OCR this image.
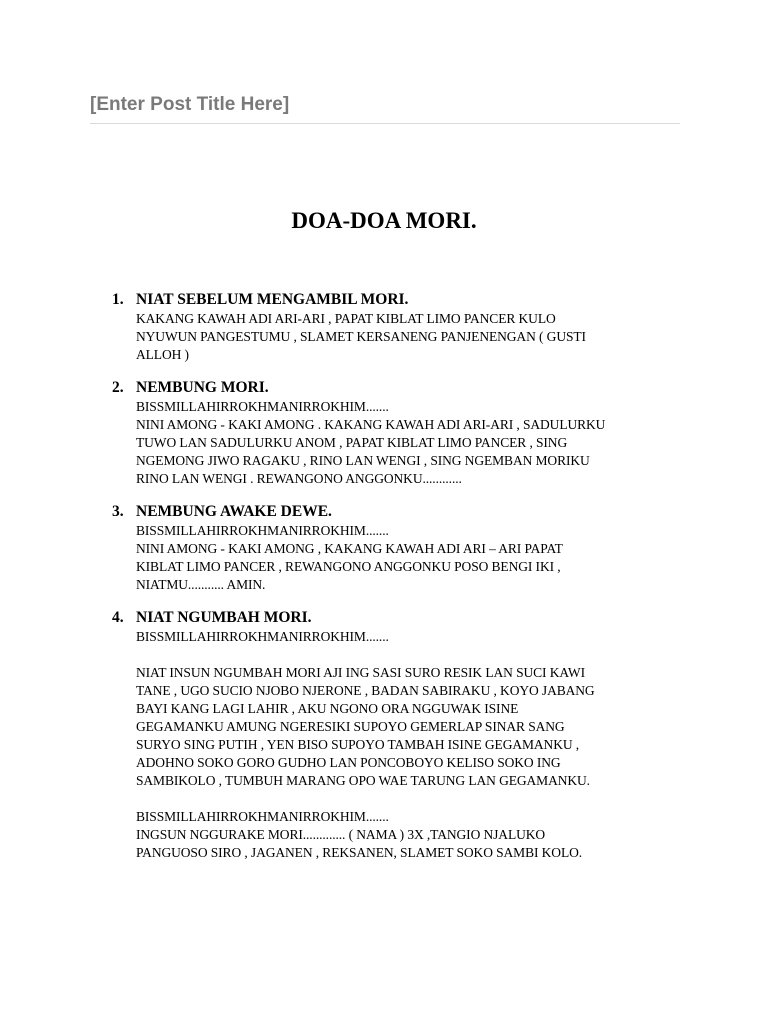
[Enter Post Title Here]
DOA-DOA MORI.
1. NIAT SEBELUM MENGAMBIL MORI.

KAKANG KAWAH ADI ARI-ARI , PAPAT KIBLAT LIMO PANCER KULO

NYUWUN PANGESTUMU , SLAMET KERSANENG PANJENENGAN ( GUSTI

ALLOH )

2. NEMBUNG MORI.

BISSMILLAHIRROKHMANIRROKHIM.......

NINI AMONG - KAKI AMONG . KAKANG KAWAH ADI ARI-ARI , SADULURKU

TUWO LAN SADULURKU ANOM , PAPAT KIBLAT LIMO PANCER , SING

NGEMONG JIWO RAGAKU , RINO LAN WENGI , SING NGEMBAN MORIKU

RINO LAN WENGI . REWANGONO ANGGONKU............

3. NEMBUNG AWAKE DEWE.

BISSMILLAHIRROKHMANIRROKHIM.......

NINI AMONG - KAKI AMONG , KAKANG KAWAH ADI ARI – ARI PAPAT

KIBLAT LIMO PANCER , REWANGONO ANGGONKU POSO BENGI IKI ,

NIATMU........... AMIN.

4. NIAT NGUMBAH MORI.

BISSMILLAHIRROKHMANIRROKHIM.......

NIAT INSUN NGUMBAH MORI AJI ING SASI SURO RESIK LAN SUCI KAWI

TANE , UGO SUCIO NJOBO NJERONE , BADAN SABIRAKU , KOYO JABANG

BAYI KANG LAGI LAHIR , AKU NGONO ORA NGGUWAK ISINE

GEGAMANKU AMUNG NGERESIKI SUPOYO GEMERLAP SINAR SANG

SURYO SING PUTIH , YEN BISO SUPOYO TAMBAH ISINE GEGAMANKU ,

ADOHNO SOKO GORO GUDHO LAN PONCOBOYO KELISO SOKO ING

SAMBIKOLO , TUMBUH MARANG OPO WAE TARUNG LAN GEGAMANKU.

BISSMILLAHIRROKHMANIRROKHIM.......

INGSUN NGGURAKE MORI............. ( NAMA ) 3X ,TANGIO NJALUKO

PANGUOSO SIRO , JAGANEN , REKSANEN, SLAMET SOKO SAMBI KOLO.
